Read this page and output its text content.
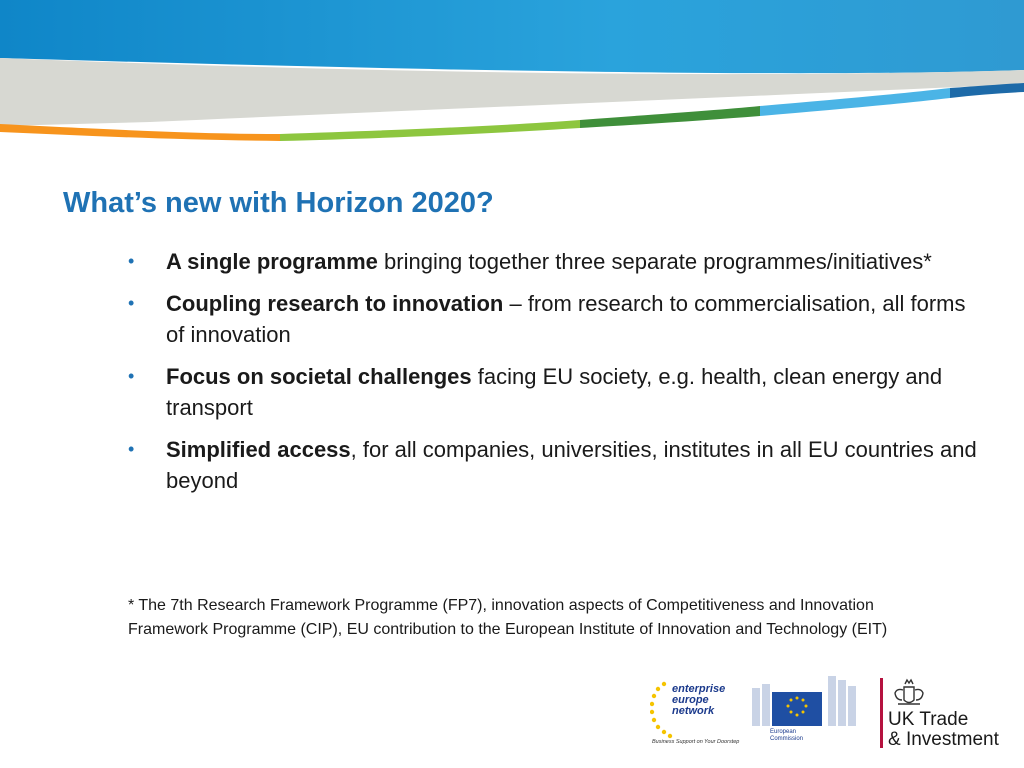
What’s new with Horizon 2020?
• A single programme bringing together three separate programmes/initiatives*
• Coupling research to innovation – from research to commercialisation, all forms of innovation
• Focus on societal challenges facing EU society, e.g. health, clean energy and transport
• Simplified access, for all companies, universities, institutes in all EU countries and beyond

* The 7th Research Framework Programme (FP7), innovation aspects of Competitiveness and Innovation Framework Programme (CIP), EU contribution to the European Institute of Innovation and Technology (EIT)

enterprise
europe
network
Business Support on Your Doorstep
European
Commission
UK Trade
& Investment
